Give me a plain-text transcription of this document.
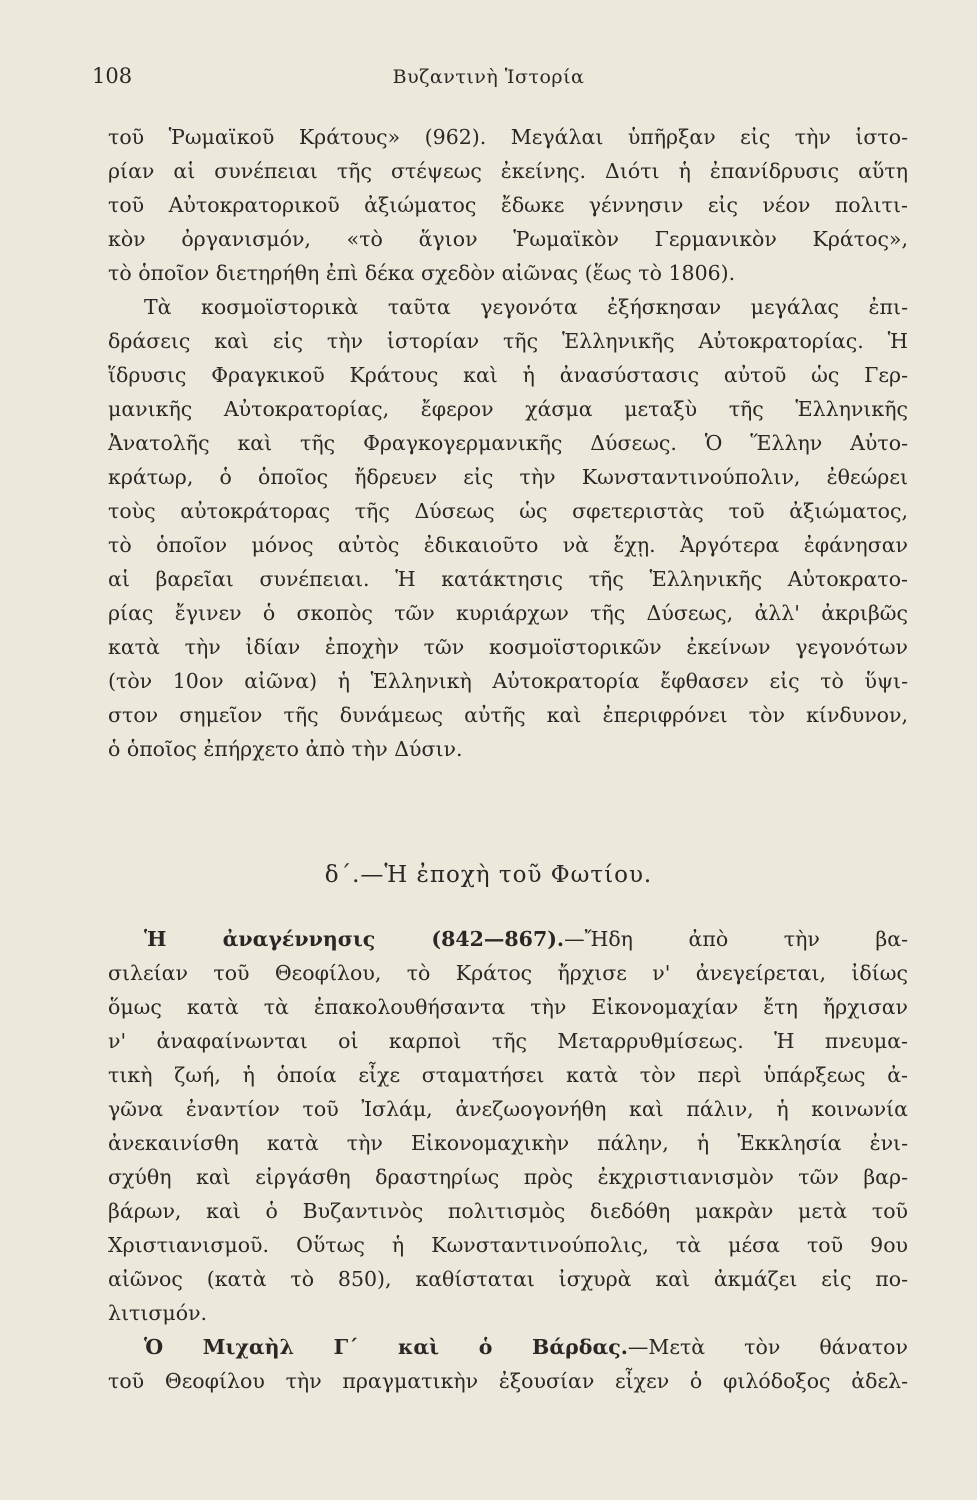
108	Βυζαντινὴ Ἱστορία
τοῦ Ῥωμαϊκοῦ Κράτους» (962). Μεγάλαι ὑπῆρξαν εἰς τὴν ἱστο-
ρίαν αἱ συνέπειαι τῆς στέψεως ἐκείνης. Διότι ἡ ἐπανίδρυσις αὕτη
τοῦ Αὐτοκρατορικοῦ ἀξιώματος ἔδωκε γέννησιν εἰς νέον πολιτι-
κὸν ὀργανισμόν, «τὸ ἅγιον Ῥωμαϊκὸν Γερμανικὸν Κράτος»,
τὸ ὁποῖον διετηρήθη ἐπὶ δέκα σχεδὸν αἰῶνας (ἕως τὸ 1806).
Τὰ κοσμοϊστορικὰ ταῦτα γεγονότα ἐξήσκησαν μεγάλας ἐπι-
δράσεις καὶ εἰς τὴν ἱστορίαν τῆς Ἑλληνικῆς Αὐτοκρατορίας. Ἡ
ἵδρυσις Φραγκικοῦ Κράτους καὶ ἡ ἀνασύστασις αὐτοῦ ὡς Γερ-
μανικῆς Αὐτοκρατορίας, ἔφερον χάσμα μεταξὺ τῆς Ἑλληνικῆς
Ἀνατολῆς καὶ τῆς Φραγκογερμανικῆς Δύσεως. Ὁ Ἕλλην Αὐτο-
κράτωρ, ὁ ὁποῖος ἤδρευεν εἰς τὴν Κωνσταντινούπολιν, ἐθεώρει
τοὺς αὐτοκράτορας τῆς Δύσεως ὡς σφετεριστὰς τοῦ ἀξιώματος,
τὸ ὁποῖον μόνος αὐτὸς ἐδικαιοῦτο νὰ ἔχῃ. Ἀργότερα ἐφάνησαν
αἱ βαρεῖαι συνέπειαι. Ἡ κατάκτησις τῆς Ἑλληνικῆς Αὐτοκρατο-
ρίας ἔγινεν ὁ σκοπὸς τῶν κυριάρχων τῆς Δύσεως, ἀλλ' ἀκριβῶς
κατὰ τὴν ἰδίαν ἐποχὴν τῶν κοσμοϊστορικῶν ἐκείνων γεγονότων
(τὸν 10ον αἰῶνα) ἡ Ἑλληνικὴ Αὐτοκρατορία ἔφθασεν εἰς τὸ ὕψι-
στον σημεῖον τῆς δυνάμεως αὐτῆς καὶ ἐπεριφρόνει τὸν κίνδυνον,
ὁ ὁποῖος ἐπήρχετο ἀπὸ τὴν Δύσιν.
δ΄.—Ἡ ἐποχὴ τοῦ Φωτίου.
Ἡ ἀναγέννησις (842—867).—Ἤδη ἀπὸ τὴν βα-
σιλείαν τοῦ Θεοφίλου, τὸ Κράτος ἤρχισε ν' ἀνεγείρεται, ἰδίως
ὅμως κατὰ τὰ ἐπακολουθήσαντα τὴν Εἰκονομαχίαν ἔτη ἤρχισαν
ν' ἀναφαίνωνται οἱ καρποὶ τῆς Μεταρρυθμίσεως. Ἡ πνευμα-
τικὴ ζωή, ἡ ὁποία εἶχε σταματήσει κατὰ τὸν περὶ ὑπάρξεως ἀ-
γῶνα ἐναντίον τοῦ Ἰσλάμ, ἀνεζωογονήθη καὶ πάλιν, ἡ κοινωνία
ἀνεκαινίσθη κατὰ τὴν Εἰκονομαχικὴν πάλην, ἡ Ἐκκλησία ἐνι-
σχύθη καὶ εἰργάσθη δραστηρίως πρὸς ἐκχριστιανισμὸν τῶν βαρ-
βάρων, καὶ ὁ Βυζαντινὸς πολιτισμὸς διεδόθη μακρὰν μετὰ τοῦ
Χριστιανισμοῦ. Οὕτως ἡ Κωνσταντινούπολις, τὰ μέσα τοῦ 9ου
αἰῶνος (κατὰ τὸ 850), καθίσταται ἰσχυρὰ καὶ ἀκμάζει εἰς πο-
λιτισμόν.
Ὁ Μιχαὴλ Γ΄ καὶ ὁ Βάρδας.—Μετὰ τὸν θάνατον
τοῦ Θεοφίλου τὴν πραγματικὴν ἐξουσίαν εἶχεν ὁ φιλόδοξος ἀδελ-
